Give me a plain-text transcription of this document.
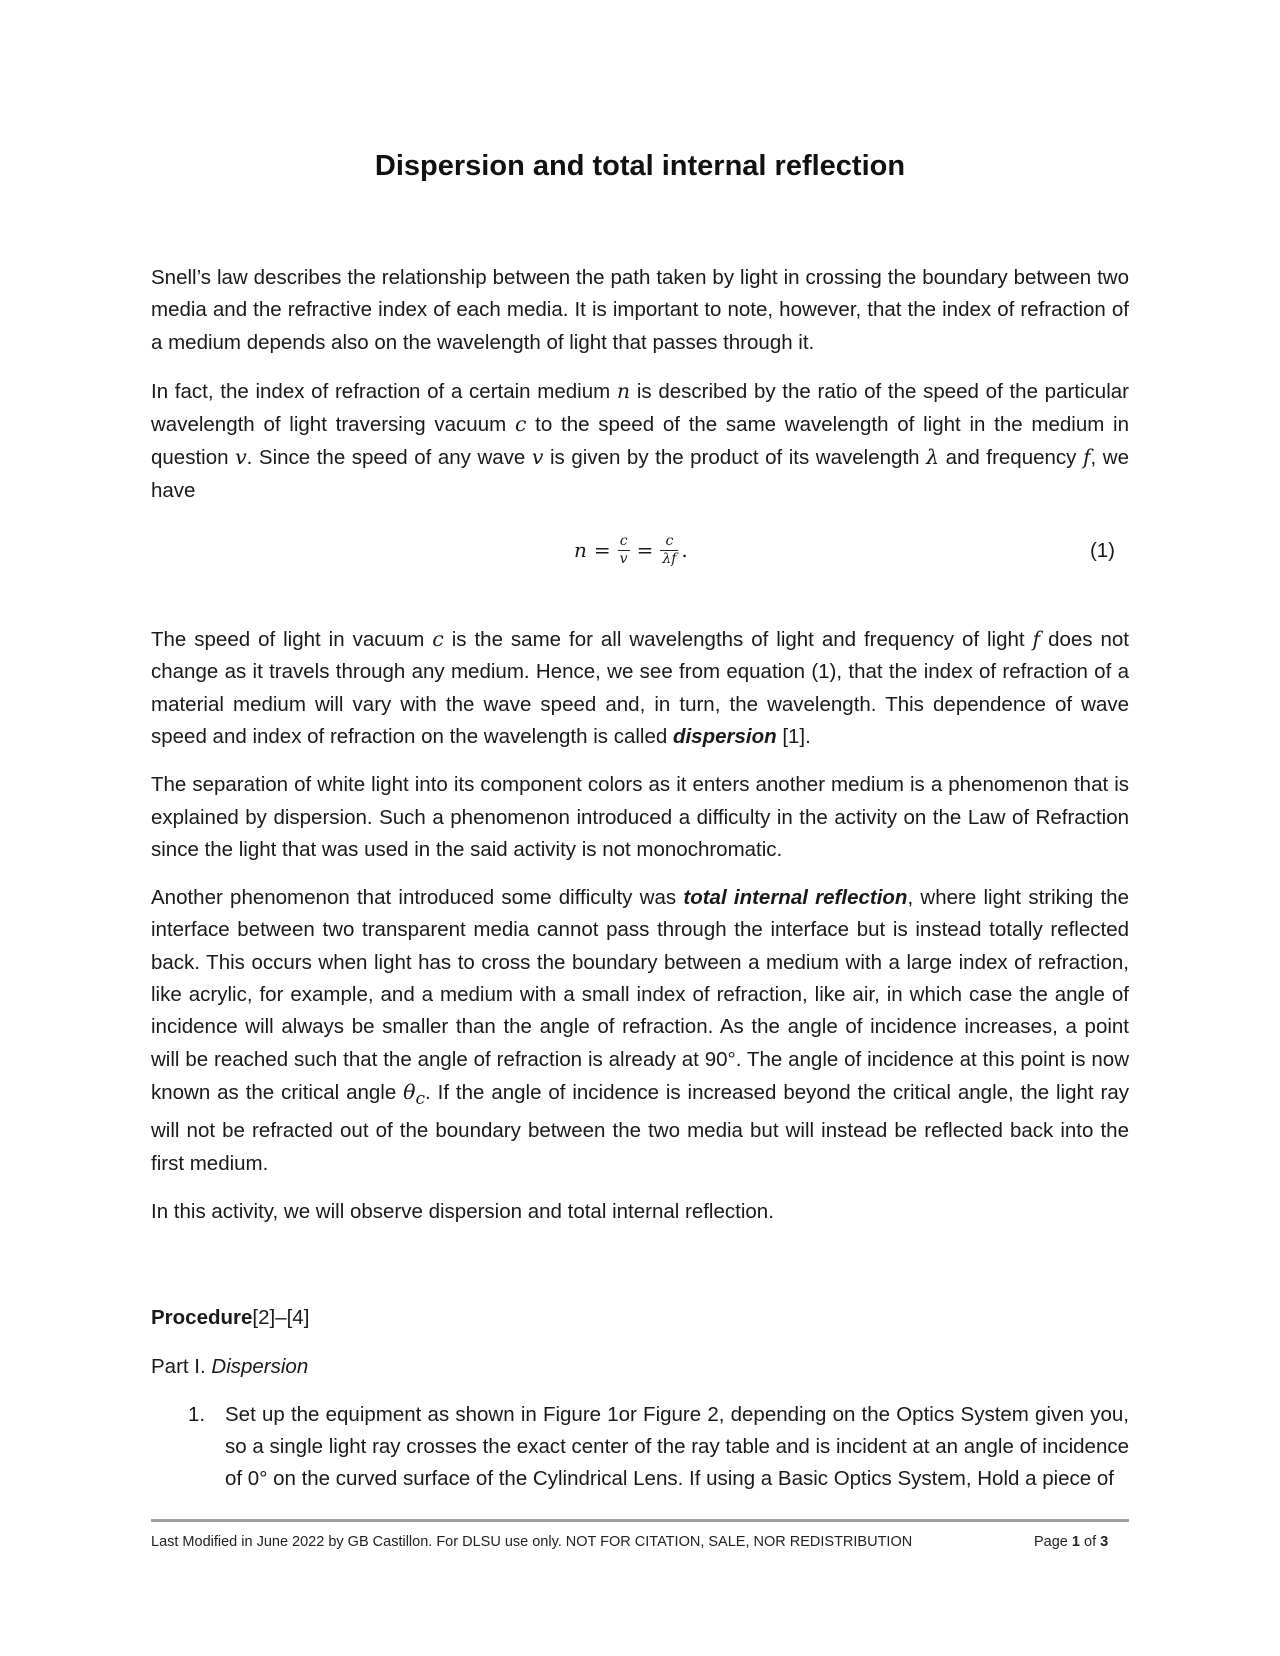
Dispersion and total internal reflection

Snell’s law describes the relationship between the path taken by light in crossing the boundary between two media and the refractive index of each media. It is important to note, however, that the index of refraction of a medium depends also on the wavelength of light that passes through it.

In fact, the index of refraction of a certain medium n is described by the ratio of the speed of the particular wavelength of light traversing vacuum c to the speed of the same wavelength of light in the medium in question v. Since the speed of any wave v is given by the product of its wavelength λ and frequency f, we have

$n = \frac{c}{v} = \frac{c}{\lambda f}$ .	(1)

The speed of light in vacuum c is the same for all wavelengths of light and frequency of light f does not change as it travels through any medium. Hence, we see from equation (1), that the index of refraction of a material medium will vary with the wave speed and, in turn, the wavelength. This dependence of wave speed and index of refraction on the wavelength is called dispersion [1].

The separation of white light into its component colors as it enters another medium is a phenomenon that is explained by dispersion. Such a phenomenon introduced a difficulty in the activity on the Law of Refraction since the light that was used in the said activity is not monochromatic.

Another phenomenon that introduced some difficulty was total internal reflection, where light striking the interface between two transparent media cannot pass through the interface but is instead totally reflected back. This occurs when light has to cross the boundary between a medium with a large index of refraction, like acrylic, for example, and a medium with a small index of refraction, like air, in which case the angle of incidence will always be smaller than the angle of refraction. As the angle of incidence increases, a point will be reached such that the angle of refraction is already at 90°. The angle of incidence at this point is now known as the critical angle $\theta_c$. If the angle of incidence is increased beyond the critical angle, the light ray will not be refracted out of the boundary between the two media but will instead be reflected back into the first medium.

In this activity, we will observe dispersion and total internal reflection.

Procedure[2]–[4]

Part I. Dispersion

1. Set up the equipment as shown in Figure 1or Figure 2, depending on the Optics System given you, so a single light ray crosses the exact center of the ray table and is incident at an angle of incidence of 0° on the curved surface of the Cylindrical Lens. If using a Basic Optics System, Hold a piece of
Last Modified in June 2022 by GB Castillon. For DLSU use only. NOT FOR CITATION, SALE, NOR REDISTRIBUTION	Page 1 of 3
